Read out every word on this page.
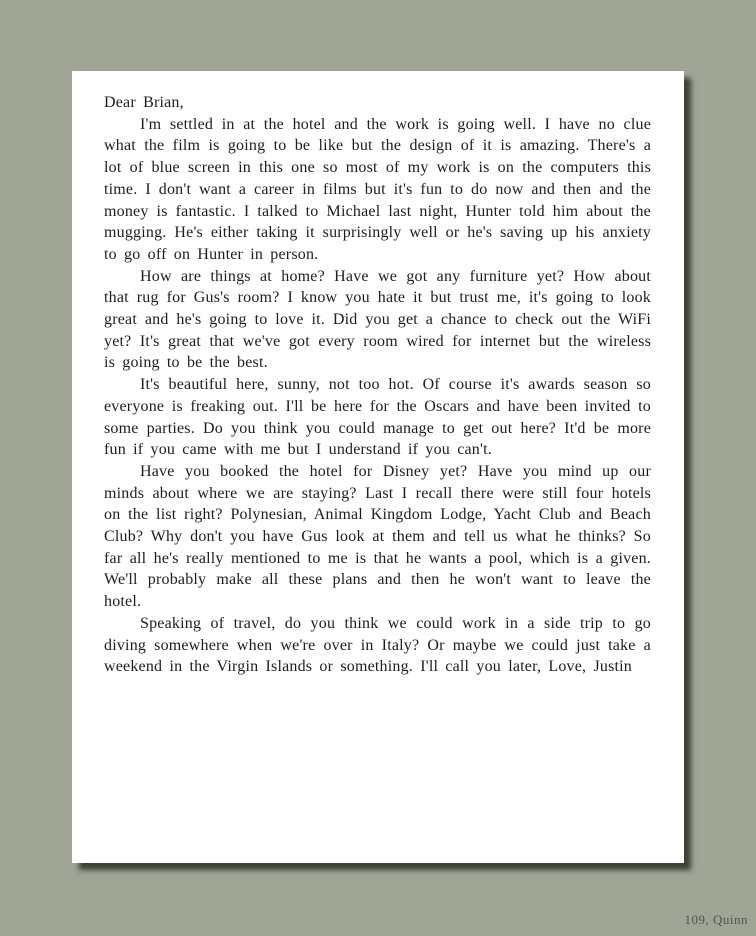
Dear Brian,

I'm settled in at the hotel and the work is going well. I have no clue what the film is going to be like but the design of it is amazing. There's a lot of blue screen in this one so most of my work is on the computers this time. I don't want a career in films but it's fun to do now and then and the money is fantastic. I talked to Michael last night, Hunter told him about the mugging. He's either taking it surprisingly well or he's saving up his anxiety to go off on Hunter in person.

How are things at home? Have we got any furniture yet? How about that rug for Gus's room? I know you hate it but trust me, it's going to look great and he's going to love it. Did you get a chance to check out the WiFi yet? It's great that we've got every room wired for internet but the wireless is going to be the best.

It's beautiful here, sunny, not too hot. Of course it's awards season so everyone is freaking out. I'll be here for the Oscars and have been invited to some parties. Do you think you could manage to get out here? It'd be more fun if you came with me but I understand if you can't.

Have you booked the hotel for Disney yet? Have you mind up our minds about where we are staying? Last I recall there were still four hotels on the list right? Polynesian, Animal Kingdom Lodge, Yacht Club and Beach Club? Why don't you have Gus look at them and tell us what he thinks? So far all he's really mentioned to me is that he wants a pool, which is a given. We'll probably make all these plans and then he won't want to leave the hotel.

Speaking of travel, do you think we could work in a side trip to go diving somewhere when we're over in Italy? Or maybe we could just take a weekend in the Virgin Islands or something. I'll call you later, Love, Justin

109, Quinn
